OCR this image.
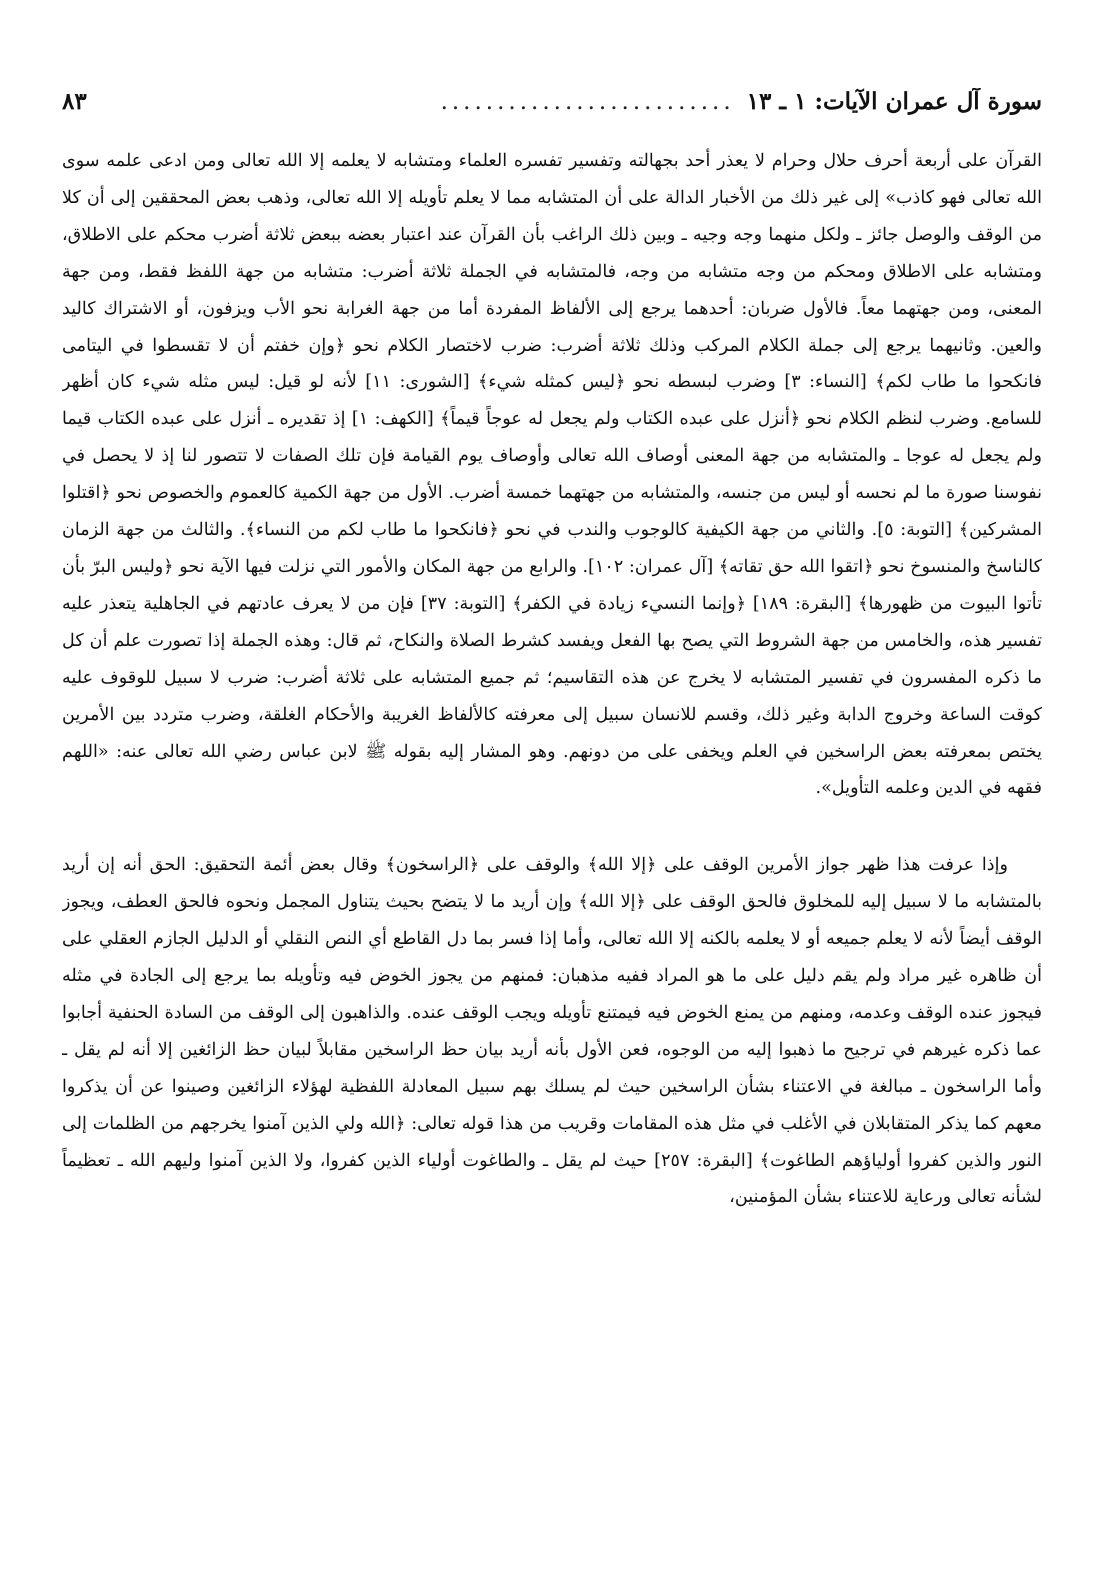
سورة آل عمران الآيات: ١ ـ ١٣
..........................
٨٣

القرآن على أربعة أحرف حلال وحرام لا يعذر أحد بجهالته وتفسير تفسره العلماء ومتشابه لا يعلمه إلا الله تعالى ومن ادعى علمه سوى الله تعالى فهو كاذب» إلى غير ذلك من الأخبار الدالة على أن المتشابه مما لا يعلم تأويله إلا الله تعالى، وذهب بعض المحققين إلى أن كلا من الوقف والوصل جائز ـ ولكل منهما وجه وجيه ـ وبين ذلك الراغب بأن القرآن عند اعتبار بعضه ببعض ثلاثة أضرب محكم على الاطلاق، ومتشابه على الاطلاق ومحكم من وجه متشابه من وجه، فالمتشابه في الجملة ثلاثة أضرب: متشابه من جهة اللفظ فقط، ومن جهة المعنى، ومن جهتهما معاً. فالأول ضربان: أحدهما يرجع إلى الألفاظ المفردة أما من جهة الغرابة نحو الأب ويزفون، أو الاشتراك كاليد والعين. وثانيهما يرجع إلى جملة الكلام المركب وذلك ثلاثة أضرب: ضرب لاختصار الكلام نحو ﴿وإن خفتم أن لا تقسطوا في اليتامى فانكحوا ما طاب لكم﴾ [النساء: ٣] وضرب لبسطه نحو ﴿ليس كمثله شيء﴾ [الشورى: ١١] لأنه لو قيل: ليس مثله شيء كان أظهر للسامع. وضرب لنظم الكلام نحو ﴿أنزل على عبده الكتاب ولم يجعل له عوجاً قيماً﴾ [الكهف: ١] إذ تقديره ـ أنزل على عبده الكتاب قيما ولم يجعل له عوجا ـ والمتشابه من جهة المعنى أوصاف الله تعالى وأوصاف يوم القيامة فإن تلك الصفات لا تتصور لنا إذ لا يحصل في نفوسنا صورة ما لم نحسه أو ليس من جنسه، والمتشابه من جهتهما خمسة أضرب. الأول من جهة الكمية كالعموم والخصوص نحو ﴿اقتلوا المشركين﴾ [التوبة: ٥]. والثاني من جهة الكيفية كالوجوب والندب في نحو ﴿فانكحوا ما طاب لكم من النساء﴾. والثالث من جهة الزمان كالناسخ والمنسوخ نحو ﴿اتقوا الله حق تقاته﴾ [آل عمران: ١٠٢]. والرابع من جهة المكان والأمور التي نزلت فيها الآية نحو ﴿وليس البرّ بأن تأتوا البيوت من ظهورها﴾ [البقرة: ١٨٩] ﴿وإنما النسيء زيادة في الكفر﴾ [التوبة: ٣٧] فإن من لا يعرف عادتهم في الجاهلية يتعذر عليه تفسير هذه، والخامس من جهة الشروط التي يصح بها الفعل ويفسد كشرط الصلاة والنكاح، ثم قال: وهذه الجملة إذا تصورت علم أن كل ما ذكره المفسرون في تفسير المتشابه لا يخرج عن هذه التقاسيم؛ ثم جميع المتشابه على ثلاثة أضرب: ضرب لا سبيل للوقوف عليه كوقت الساعة وخروج الدابة وغير ذلك، وقسم للانسان سبيل إلى معرفته كالألفاظ الغريبة والأحكام الغلقة، وضرب متردد بين الأمرين يختص بمعرفته بعض الراسخين في العلم ويخفى على من دونهم. وهو المشار إليه بقوله ﷺ لابن عباس رضي الله تعالى عنه: «اللهم فقهه في الدين وعلمه التأويل».

وإذا عرفت هذا ظهر جواز الأمرين الوقف على ﴿إلا الله﴾ والوقف على ﴿الراسخون﴾ وقال بعض أئمة التحقيق: الحق أنه إن أريد بالمتشابه ما لا سبيل إليه للمخلوق فالحق الوقف على ﴿إلا الله﴾ وإن أريد ما لا يتضح بحيث يتناول المجمل ونحوه فالحق العطف، ويجوز الوقف أيضاً لأنه لا يعلم جميعه أو لا يعلمه بالكنه إلا الله تعالى، وأما إذا فسر بما دل القاطع أي النص النقلي أو الدليل الجازم العقلي على أن ظاهره غير مراد ولم يقم دليل على ما هو المراد ففيه مذهبان: فمنهم من يجوز الخوض فيه وتأويله بما يرجع إلى الجادة في مثله فيجوز عنده الوقف وعدمه، ومنهم من يمنع الخوض فيه فيمتنع تأويله ويجب الوقف عنده. والذاهبون إلى الوقف من السادة الحنفية أجابوا عما ذكره غيرهم في ترجيح ما ذهبوا إليه من الوجوه، فعن الأول بأنه أريد بيان حظ الراسخين مقابلاً لبيان حظ الزائغين إلا أنه لم يقل ـ وأما الراسخون ـ مبالغة في الاعتناء بشأن الراسخين حيث لم يسلك بهم سبيل المعادلة اللفظية لهؤلاء الزائغين وصينوا عن أن يذكروا معهم كما يذكر المتقابلان في الأغلب في مثل هذه المقامات وقريب من هذا قوله تعالى: ﴿الله ولي الذين آمنوا يخرجهم من الظلمات إلى النور والذين كفروا أولياؤهم الطاغوت﴾ [البقرة: ٢٥٧] حيث لم يقل ـ والطاغوت أولياء الذين كفروا، ولا الذين آمنوا وليهم الله ـ تعظيماً لشأنه تعالى ورعاية للاعتناء بشأن المؤمنين،
